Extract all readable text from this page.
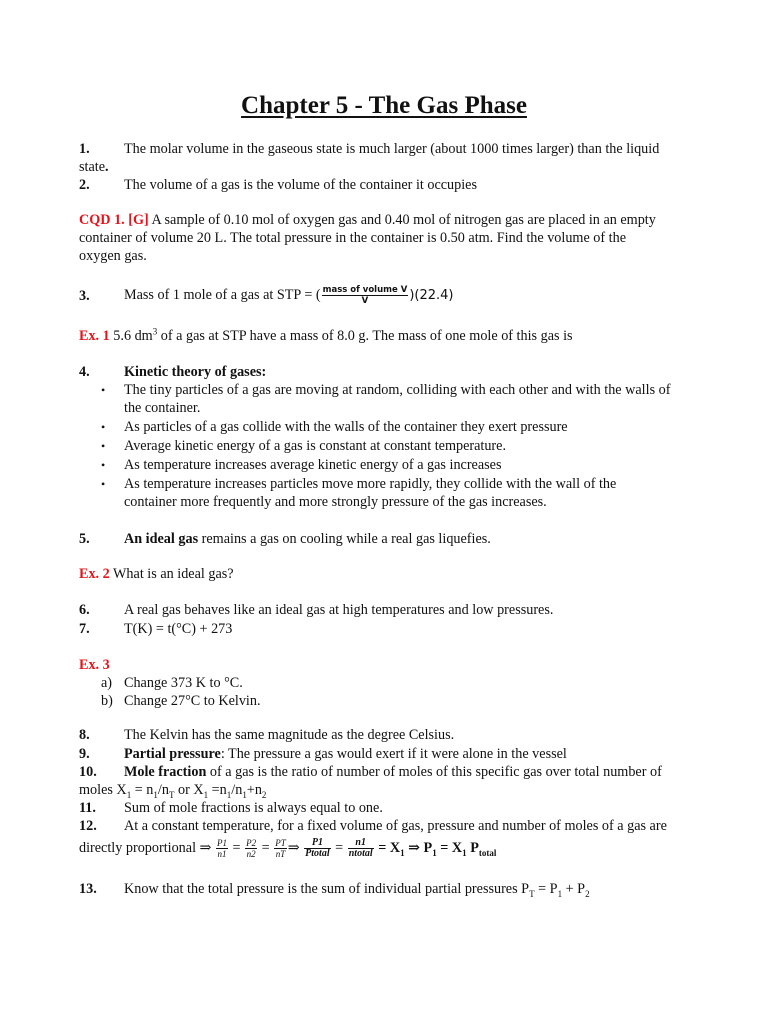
Chapter 5 - The Gas Phase
1. The molar volume in the gaseous state is much larger (about 1000 times larger) than the liquid
state.
2. The volume of a gas is the volume of the container it occupies
CQD 1. [G] A sample of 0.10 mol of oxygen gas and 0.40 mol of nitrogen gas are placed in an empty
container of volume 20 L. The total pressure in the container is 0.50 atm. Find the volume of the
oxygen gas.
3. Mass of 1 mole of a gas at STP = ( $\frac{\text{mass of volume V}}{V} )(22.4)$
Ex. 1 5.6 $dm^3$ of a gas at STP have a mass of 8.0 g. The mass of one mole of this gas is
4. Kinetic theory of gases:
• The tiny particles of a gas are moving at random, colliding with each other and with the walls of
the container.
• As particles of a gas collide with the walls of the container they exert pressure
• Average kinetic energy of a gas is constant at constant temperature.
• As temperature increases average kinetic energy of a gas increases
• As temperature increases particles move more rapidly, they collide with the wall of the
container more frequently and more strongly pressure of the gas increases.
5. An ideal gas remains a gas on cooling while a real gas liquefies.
Ex. 2 What is an ideal gas?
6. A real gas behaves like an ideal gas at high temperatures and low pressures.
7. T(K) = t(°C) + 273
Ex. 3
a) Change 373 K to °C.
b) Change 27°C to Kelvin.
8. The Kelvin has the same magnitude as the degree Celsius.
9. Partial pressure: The pressure a gas would exert if it were alone in the vessel
10. Mole fraction of a gas is the ratio of number of moles of this specific gas over total number of
moles $X_1 = n_1/n_T$ or $X_1 =n_1/n_1+n_2$
11. Sum of mole fractions is always equal to one.
12. At a constant temperature, for a fixed volume of gas, pressure and number of moles of a gas are
directly proportional ⇒ $\frac{P1}{n1} = \frac{P2}{n2} = \frac{PT}{nT}$ ⇒ $\frac{P1}{\text{Ptotal}} = \frac{n1}{\text{ntotal}} = X_1$ ⇒ $P_1 = X_1$ $P_{total}$
13. Know that the total pressure is the sum of individual partial pressures $P_T = P_1 + P_2$
